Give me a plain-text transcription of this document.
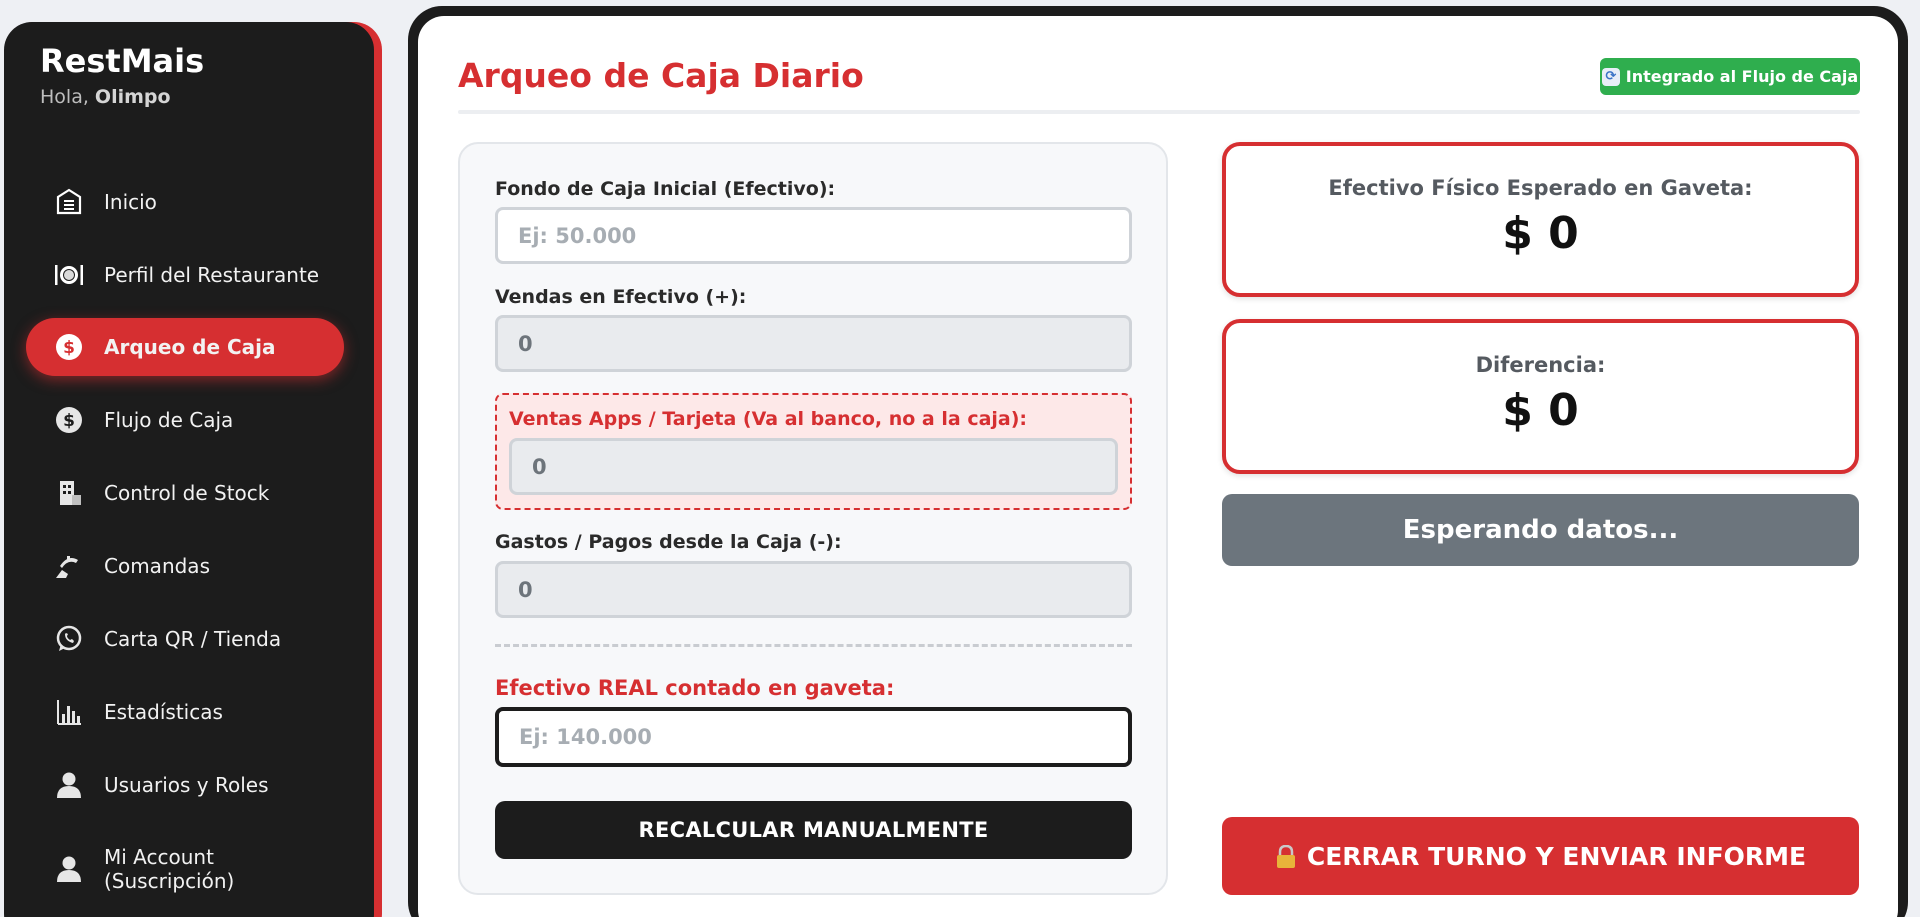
RestMais
Hola, Olimpo
Inicio
Perfil del Restaurante
$ Arqueo de Caja
$ Flujo de Caja
Control de Stock
Comandas
Carta QR / Tienda
Estadísticas
Usuarios y Roles
Mi Account
(Suscripción)
Arqueo de Caja Diario	⟳ Integrado al Flujo de Caja
Fondo de Caja Inicial (Efectivo):
Ej: 50.000
Vendas en Efectivo (+):
0
Ventas Apps / Tarjeta (Va al banco, no a la caja):
0
Gastos / Pagos desde la Caja (-):
0
Efectivo REAL contado en gaveta:
Ej: 140.000
RECALCULAR MANUALMENTE
Efectivo Físico Esperado en Gaveta:
$ 0
Diferencia:
$ 0
Esperando datos...
CERRAR TURNO Y ENVIAR INFORME
